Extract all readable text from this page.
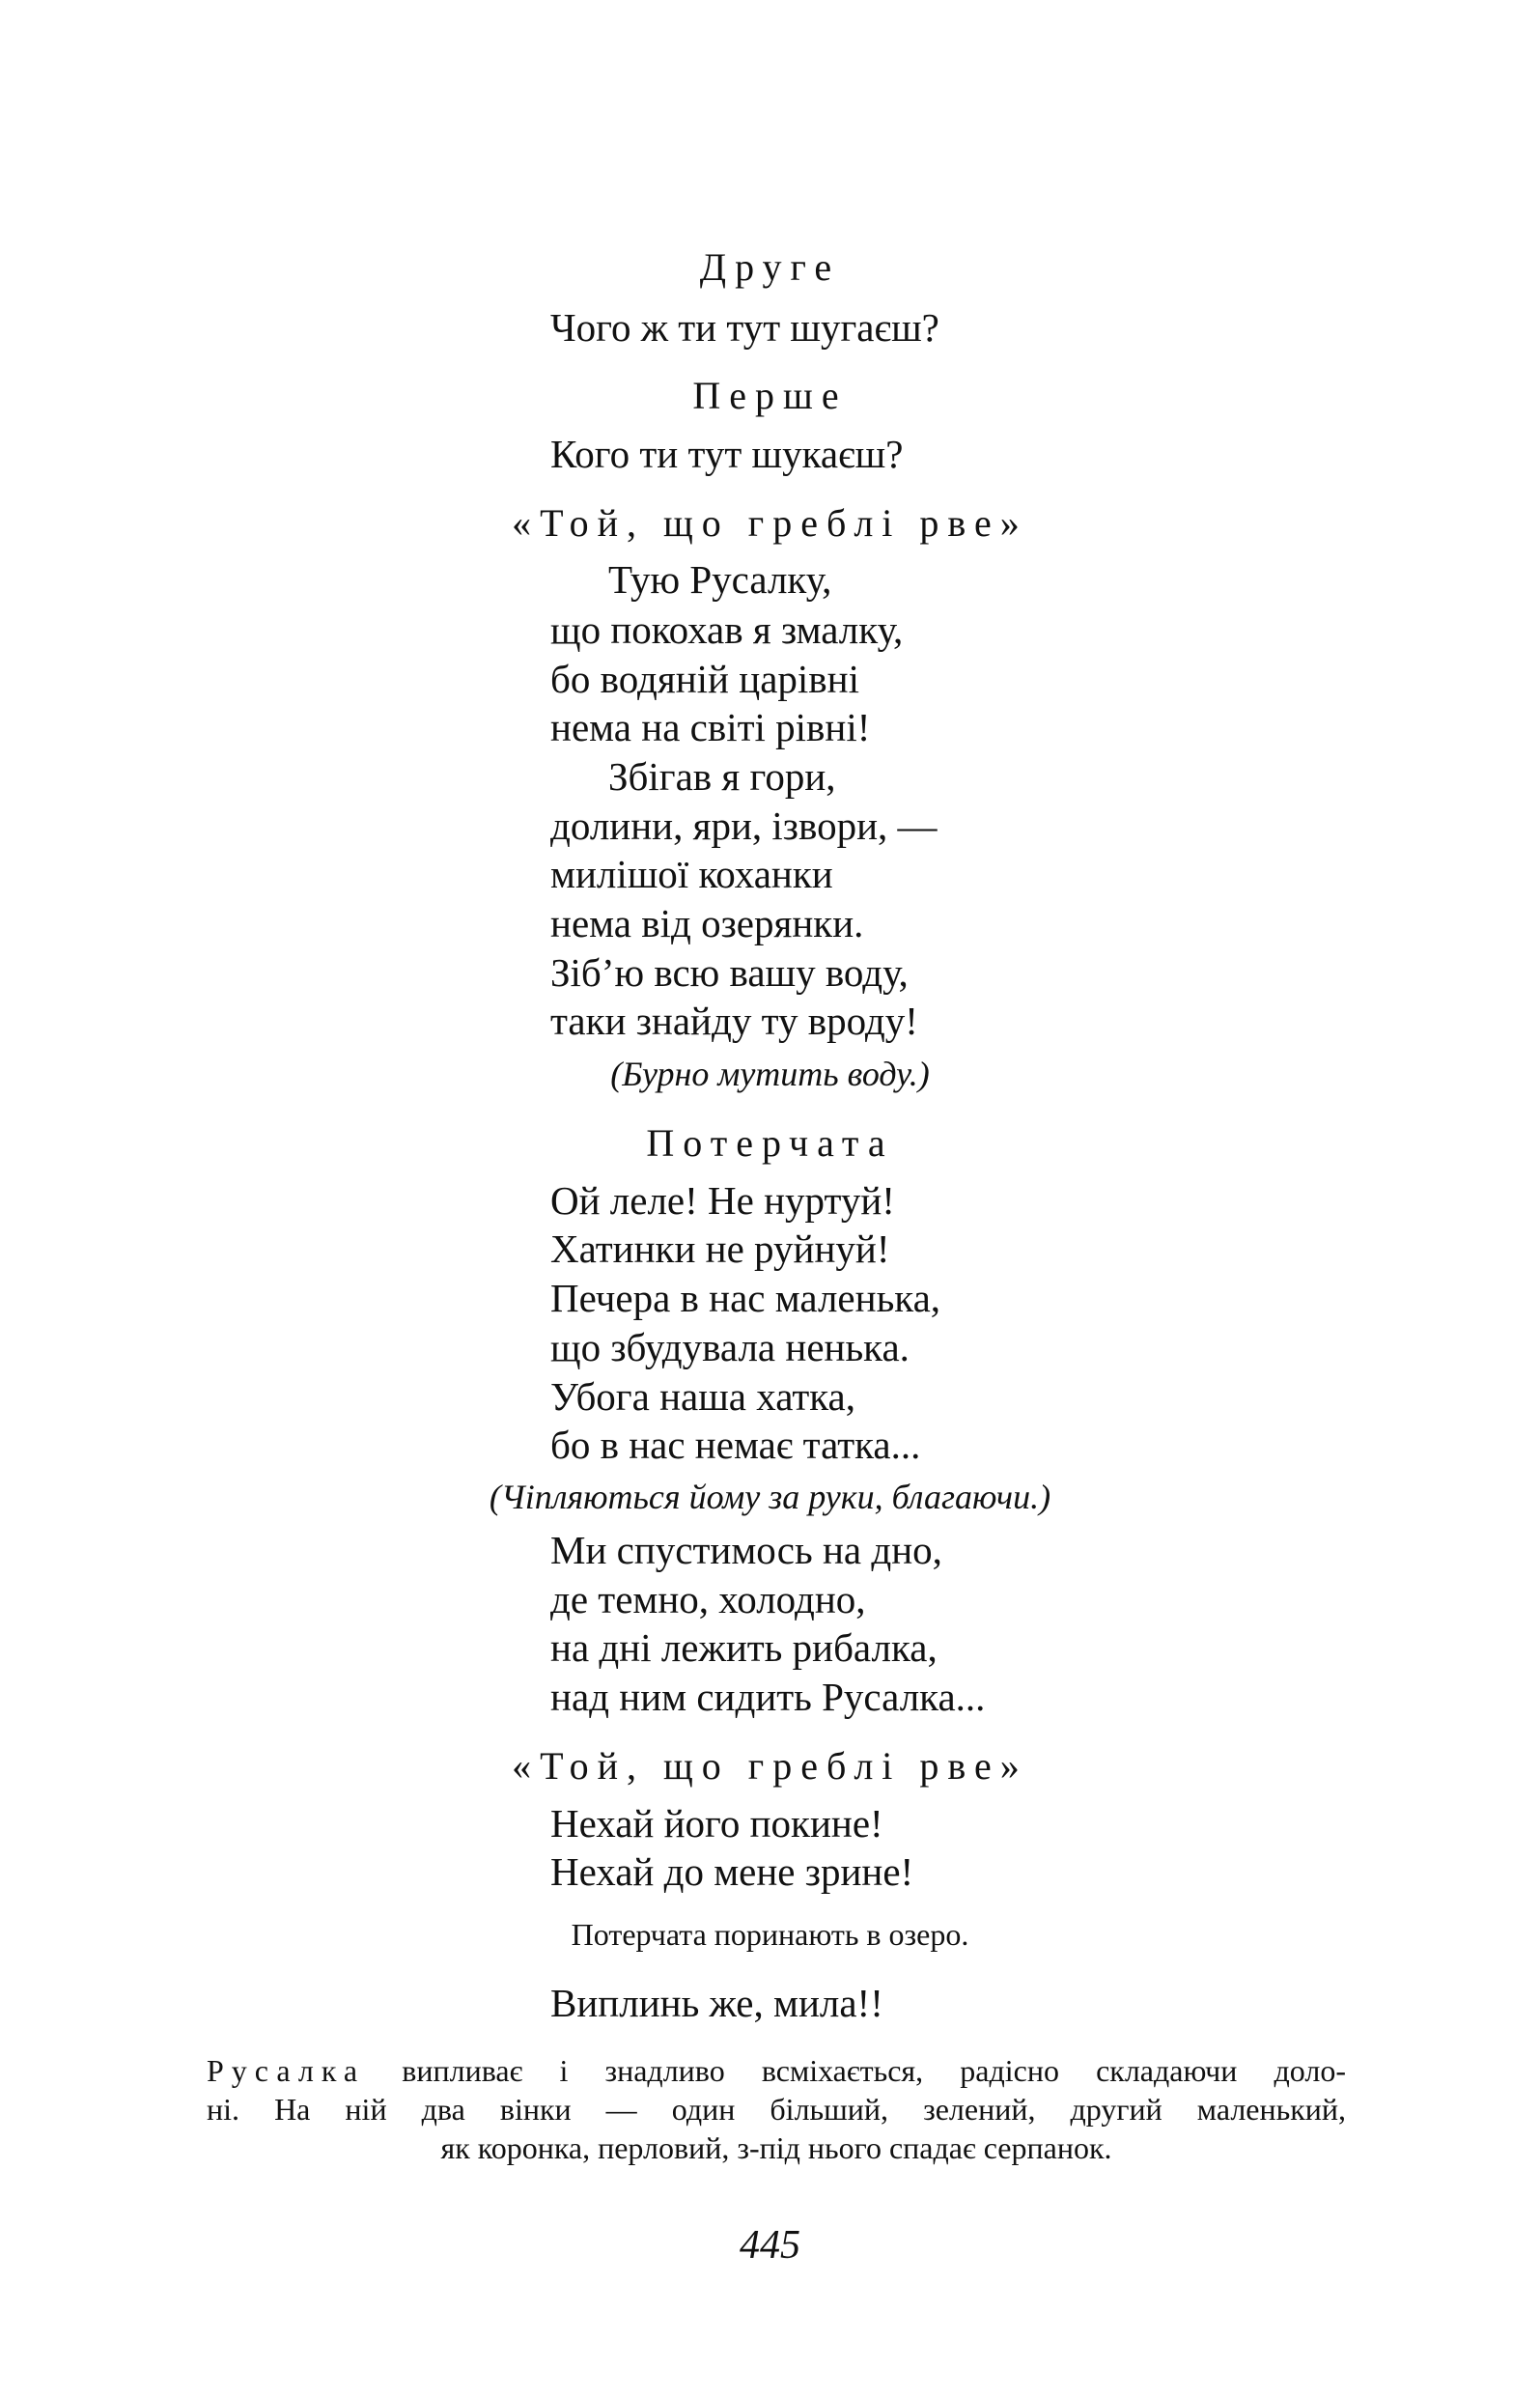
Друге
Чого ж ти тут шугаєш?
Перше
Кого ти тут шукаєш?
«Той, що греблі рве»
Тую Русалку,
що покохав я змалку,
бо водяній царівні
нема на світі рівні!
Збігав я гори,
долини, яри, ізвори, —
милішої коханки
нема від озерянки.
Зіб’ю всю вашу воду,
таки знайду ту вроду!
(Бурно мутить воду.)
Потерчата
Ой леле! Не нуртуй!
Хатинки не руйнуй!
Печера в нас маленька,
що збудувала ненька.
Убога наша хатка,
бо в нас немає татка...
(Чіпляються йому за руки, благаючи.)
Ми спустимось на дно,
де темно, холодно,
на дні лежить рибалка,
над ним сидить Русалка...
«Той, що греблі рве»
Нехай його покине!
Нехай до мене зрине!
Потерчата поринають в озеро.
Виплинь же, мила!!
Русалка випливає і знадливо всміхається, радісно складаючи доло-
ні. На ній два вінки — один більший, зелений, другий маленький,
як коронка, перловий, з-під нього спадає серпанок.
445
